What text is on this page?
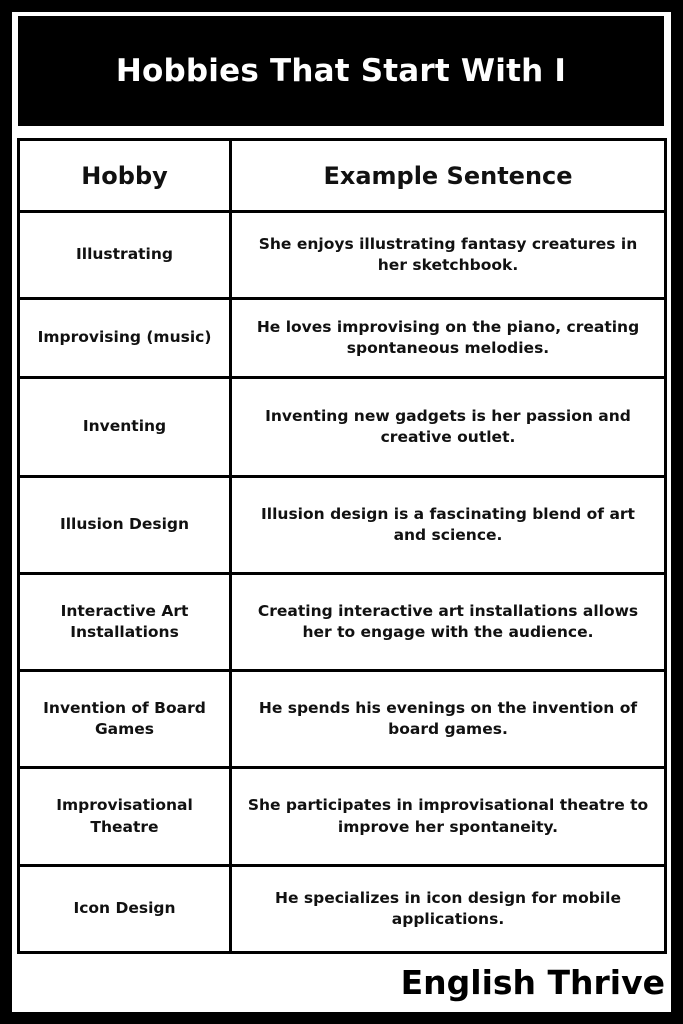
Hobbies That Start With I
Hobby	Example Sentence
Illustrating	She enjoys illustrating fantasy creatures in her sketchbook.
Improvising (music)	He loves improvising on the piano, creating spontaneous melodies.
Inventing	Inventing new gadgets is her passion and creative outlet.
Illusion Design	Illusion design is a fascinating blend of art and science.
Interactive Art Installations	Creating interactive art installations allows her to engage with the audience.
Invention of Board Games	He spends his evenings on the invention of board games.
Improvisational Theatre	She participates in improvisational theatre to improve her spontaneity.
Icon Design	He specializes in icon design for mobile applications.
English Thrive
